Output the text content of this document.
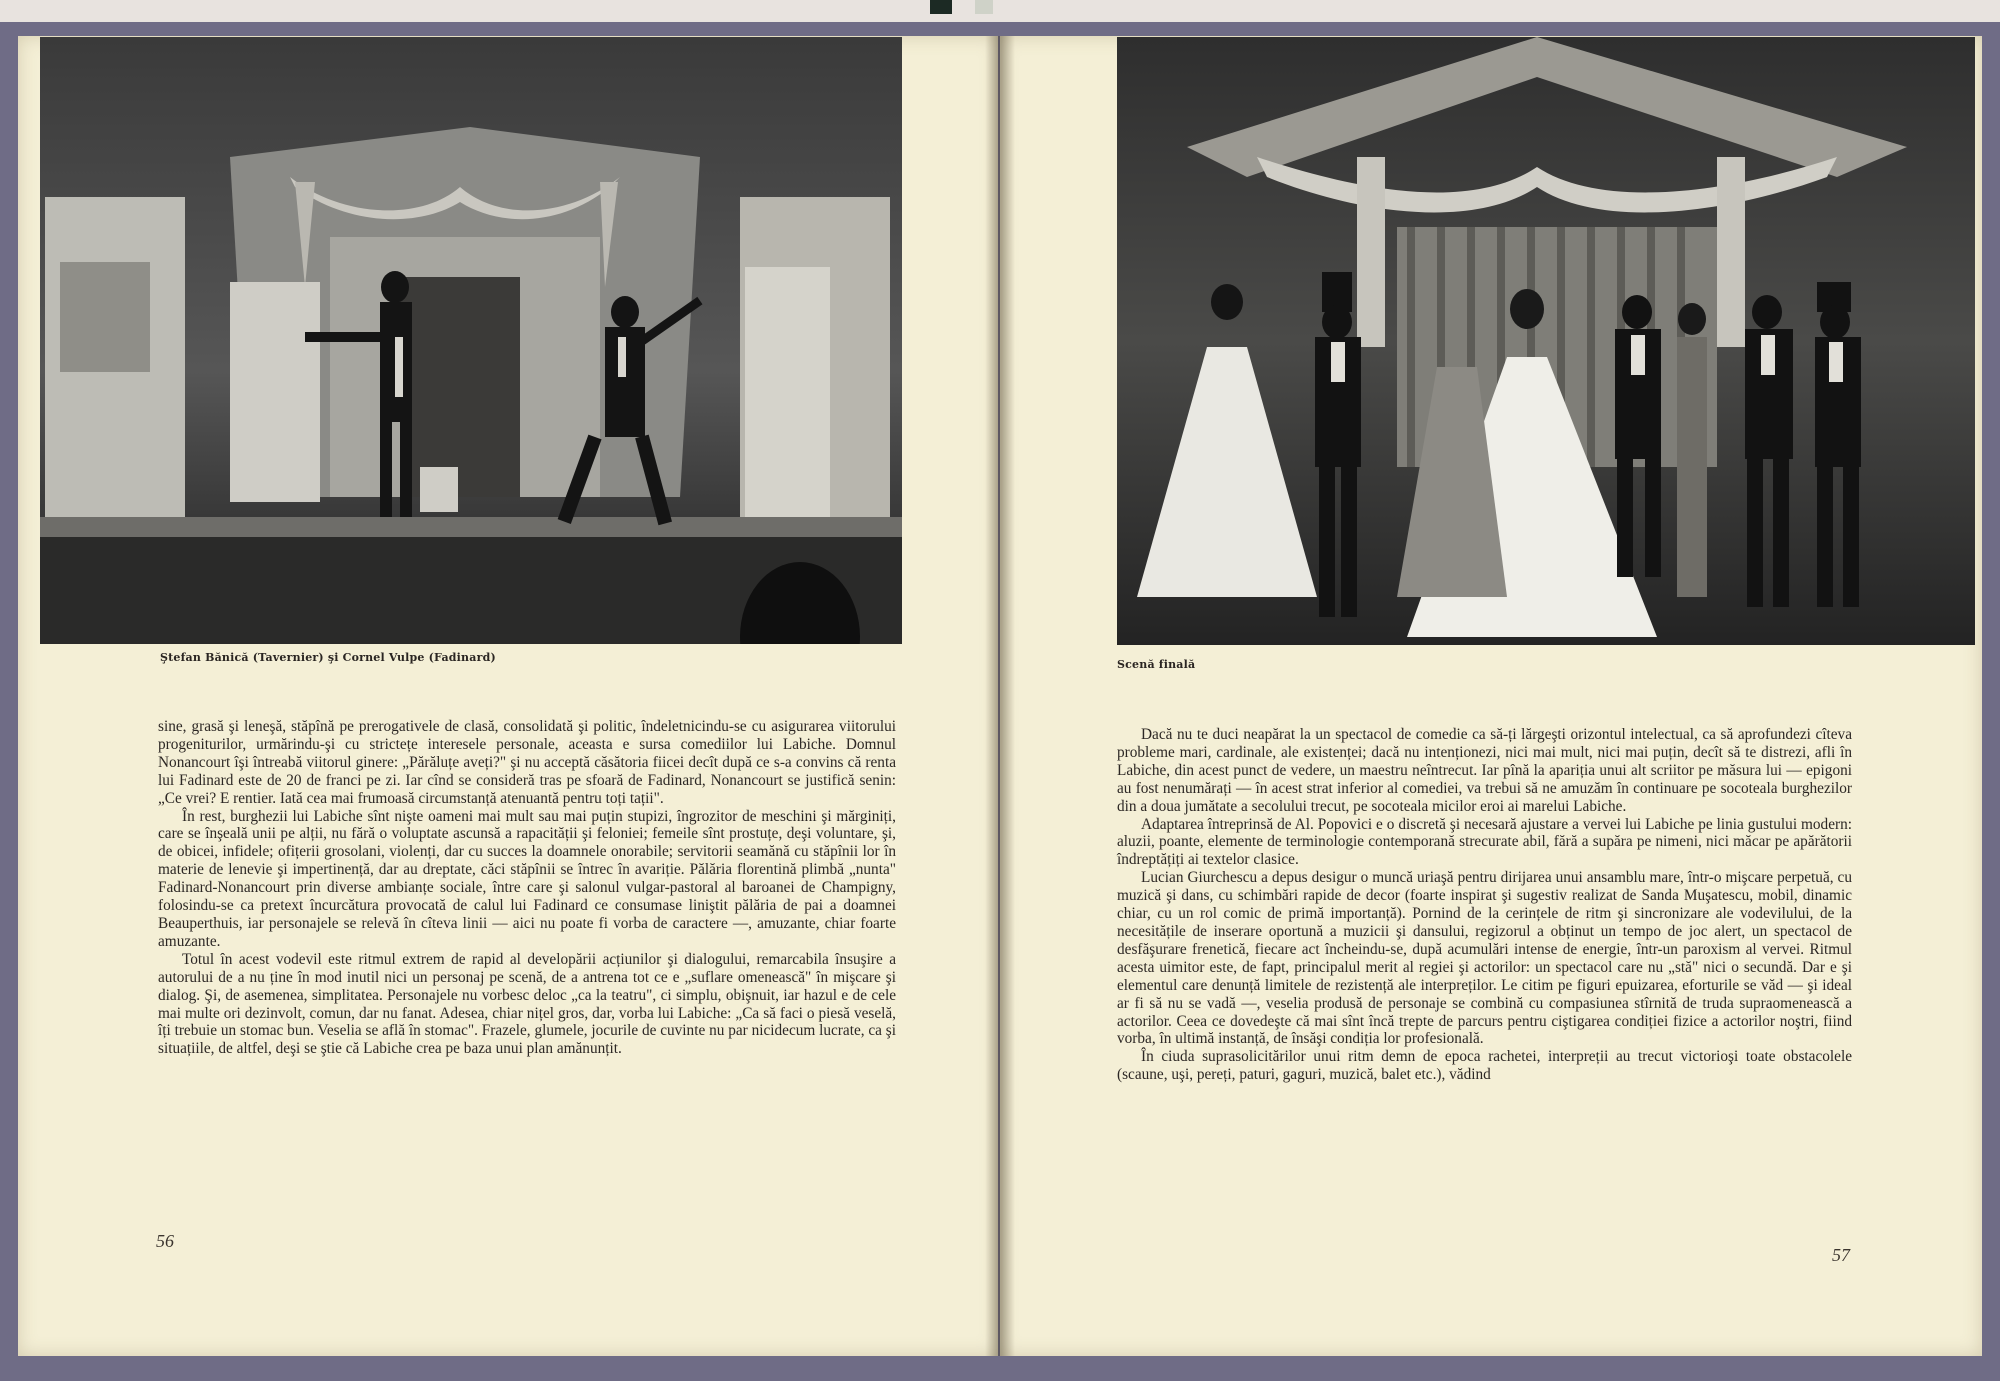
Ştefan Bănică (Tavernier) şi Cornel Vulpe (Fadinard)

sine, grasă şi leneşă, stăpînă pe prerogativele de clasă, consolidată şi politic, îndeletnicindu-se cu asigurarea viitorului progeniturilor, urmărindu-şi cu strictețe interesele personale, aceasta e sursa comediilor lui Labiche. Domnul Nonancourt îşi întreabă viitorul ginere: „Părăluțe aveți?" şi nu acceptă căsătoria fiicei decît după ce s-a convins că renta lui Fadinard este de 20 de franci pe zi. Iar cînd se consideră tras pe sfoară de Fadinard, Nonancourt se justifică senin: „Ce vrei? E rentier. Iată cea mai frumoasă circumstanță atenuantă pentru toți tații".

În rest, burghezii lui Labiche sînt nişte oameni mai mult sau mai puțin stupizi, îngrozitor de meschini şi mărginiți, care se înşeală unii pe alții, nu fără o voluptate ascunsă a rapacității şi feloniei; femeile sînt prostuțe, deşi voluntare, şi, de obicei, infidele; ofițerii grosolani, violenți, dar cu succes la doamnele onorabile; servitorii seamănă cu stăpînii lor în materie de lenevie şi impertinență, dar au dreptate, căci stăpînii se întrec în avariție. Pălăria florentină plimbă „nunta" Fadinard-Nonancourt prin diverse ambianțe sociale, între care şi salonul vulgar-pastoral al baroanei de Champigny, folosindu-se ca pretext încurcătura provocată de calul lui Fadinard ce consumase liniştit pălăria de pai a doamnei Beauperthuis, iar personajele se relevă în cîteva linii — aici nu poate fi vorba de caractere —, amuzante, chiar foarte amuzante.

Totul în acest vodevil este ritmul extrem de rapid al developării acțiunilor şi dialogului, remarcabila însuşire a autorului de a nu ține în mod inutil nici un personaj pe scenă, de a antrena tot ce e „suflare omenească" în mişcare şi dialog. Şi, de asemenea, simplitatea. Personajele nu vorbesc deloc „ca la teatru", ci simplu, obişnuit, iar hazul e de cele mai multe ori dezinvolt, comun, dar nu fanat. Adesea, chiar nițel gros, dar, vorba lui Labiche: „Ca să faci o piesă veselă, îți trebuie un stomac bun. Veselia se află în stomac". Frazele, glumele, jocurile de cuvinte nu par nicidecum lucrate, ca şi situațiile, de altfel, deşi se ştie că Labiche crea pe baza unui plan amănunțit.

56
Scenă finală

Dacă nu te duci neapărat la un spectacol de comedie ca să-ți lărgeşti orizontul intelectual, ca să aprofundezi cîteva probleme mari, cardinale, ale existenței; dacă nu intenționezi, nici mai mult, nici mai puțin, decît să te distrezi, afli în Labiche, din acest punct de vedere, un maestru neîntrecut. Iar pînă la apariția unui alt scriitor pe măsura lui — epigoni au fost nenumărați — în acest strat inferior al comediei, va trebui să ne amuzăm în continuare pe socoteala burghezilor din a doua jumătate a secolului trecut, pe socoteala micilor eroi ai marelui Labiche.

Adaptarea întreprinsă de Al. Popovici e o discretă şi necesară ajustare a vervei lui Labiche pe linia gustului modern: aluzii, poante, elemente de terminologie contemporană strecurate abil, fără a supăra pe nimeni, nici măcar pe apărătorii îndreptățiți ai textelor clasice.

Lucian Giurchescu a depus desigur o muncă uriaşă pentru dirijarea unui ansamblu mare, într-o mişcare perpetuă, cu muzică şi dans, cu schimbări rapide de decor (foarte inspirat şi sugestiv realizat de Sanda Muşatescu, mobil, dinamic chiar, cu un rol comic de primă importanță). Pornind de la cerințele de ritm şi sincronizare ale vodevilului, de la necesitățile de inserare oportună a muzicii şi dansului, regizorul a obținut un tempo de joc alert, un spectacol de desfăşurare frenetică, fiecare act încheindu-se, după acumulări intense de energie, într-un paroxism al vervei. Ritmul acesta uimitor este, de fapt, principalul merit al regiei şi actorilor: un spectacol care nu „stă" nici o secundă. Dar e şi elementul care denunță limitele de rezistență ale interpreților. Le citim pe figuri epuizarea, eforturile se văd — şi ideal ar fi să nu se vadă —, veselia produsă de personaje se combină cu compasiunea stîrnită de truda supraomenească a actorilor. Ceea ce dovedeşte că mai sînt încă trepte de parcurs pentru ciştigarea condiției fizice a actorilor noştri, fiind vorba, în ultimă instanță, de însăşi condiția lor profesională.

În ciuda suprasolicitărilor unui ritm demn de epoca rachetei, interpreții au trecut victorioşi toate obstacolele (scaune, uşi, pereți, paturi, gaguri, muzică, balet etc.), vădind

57
